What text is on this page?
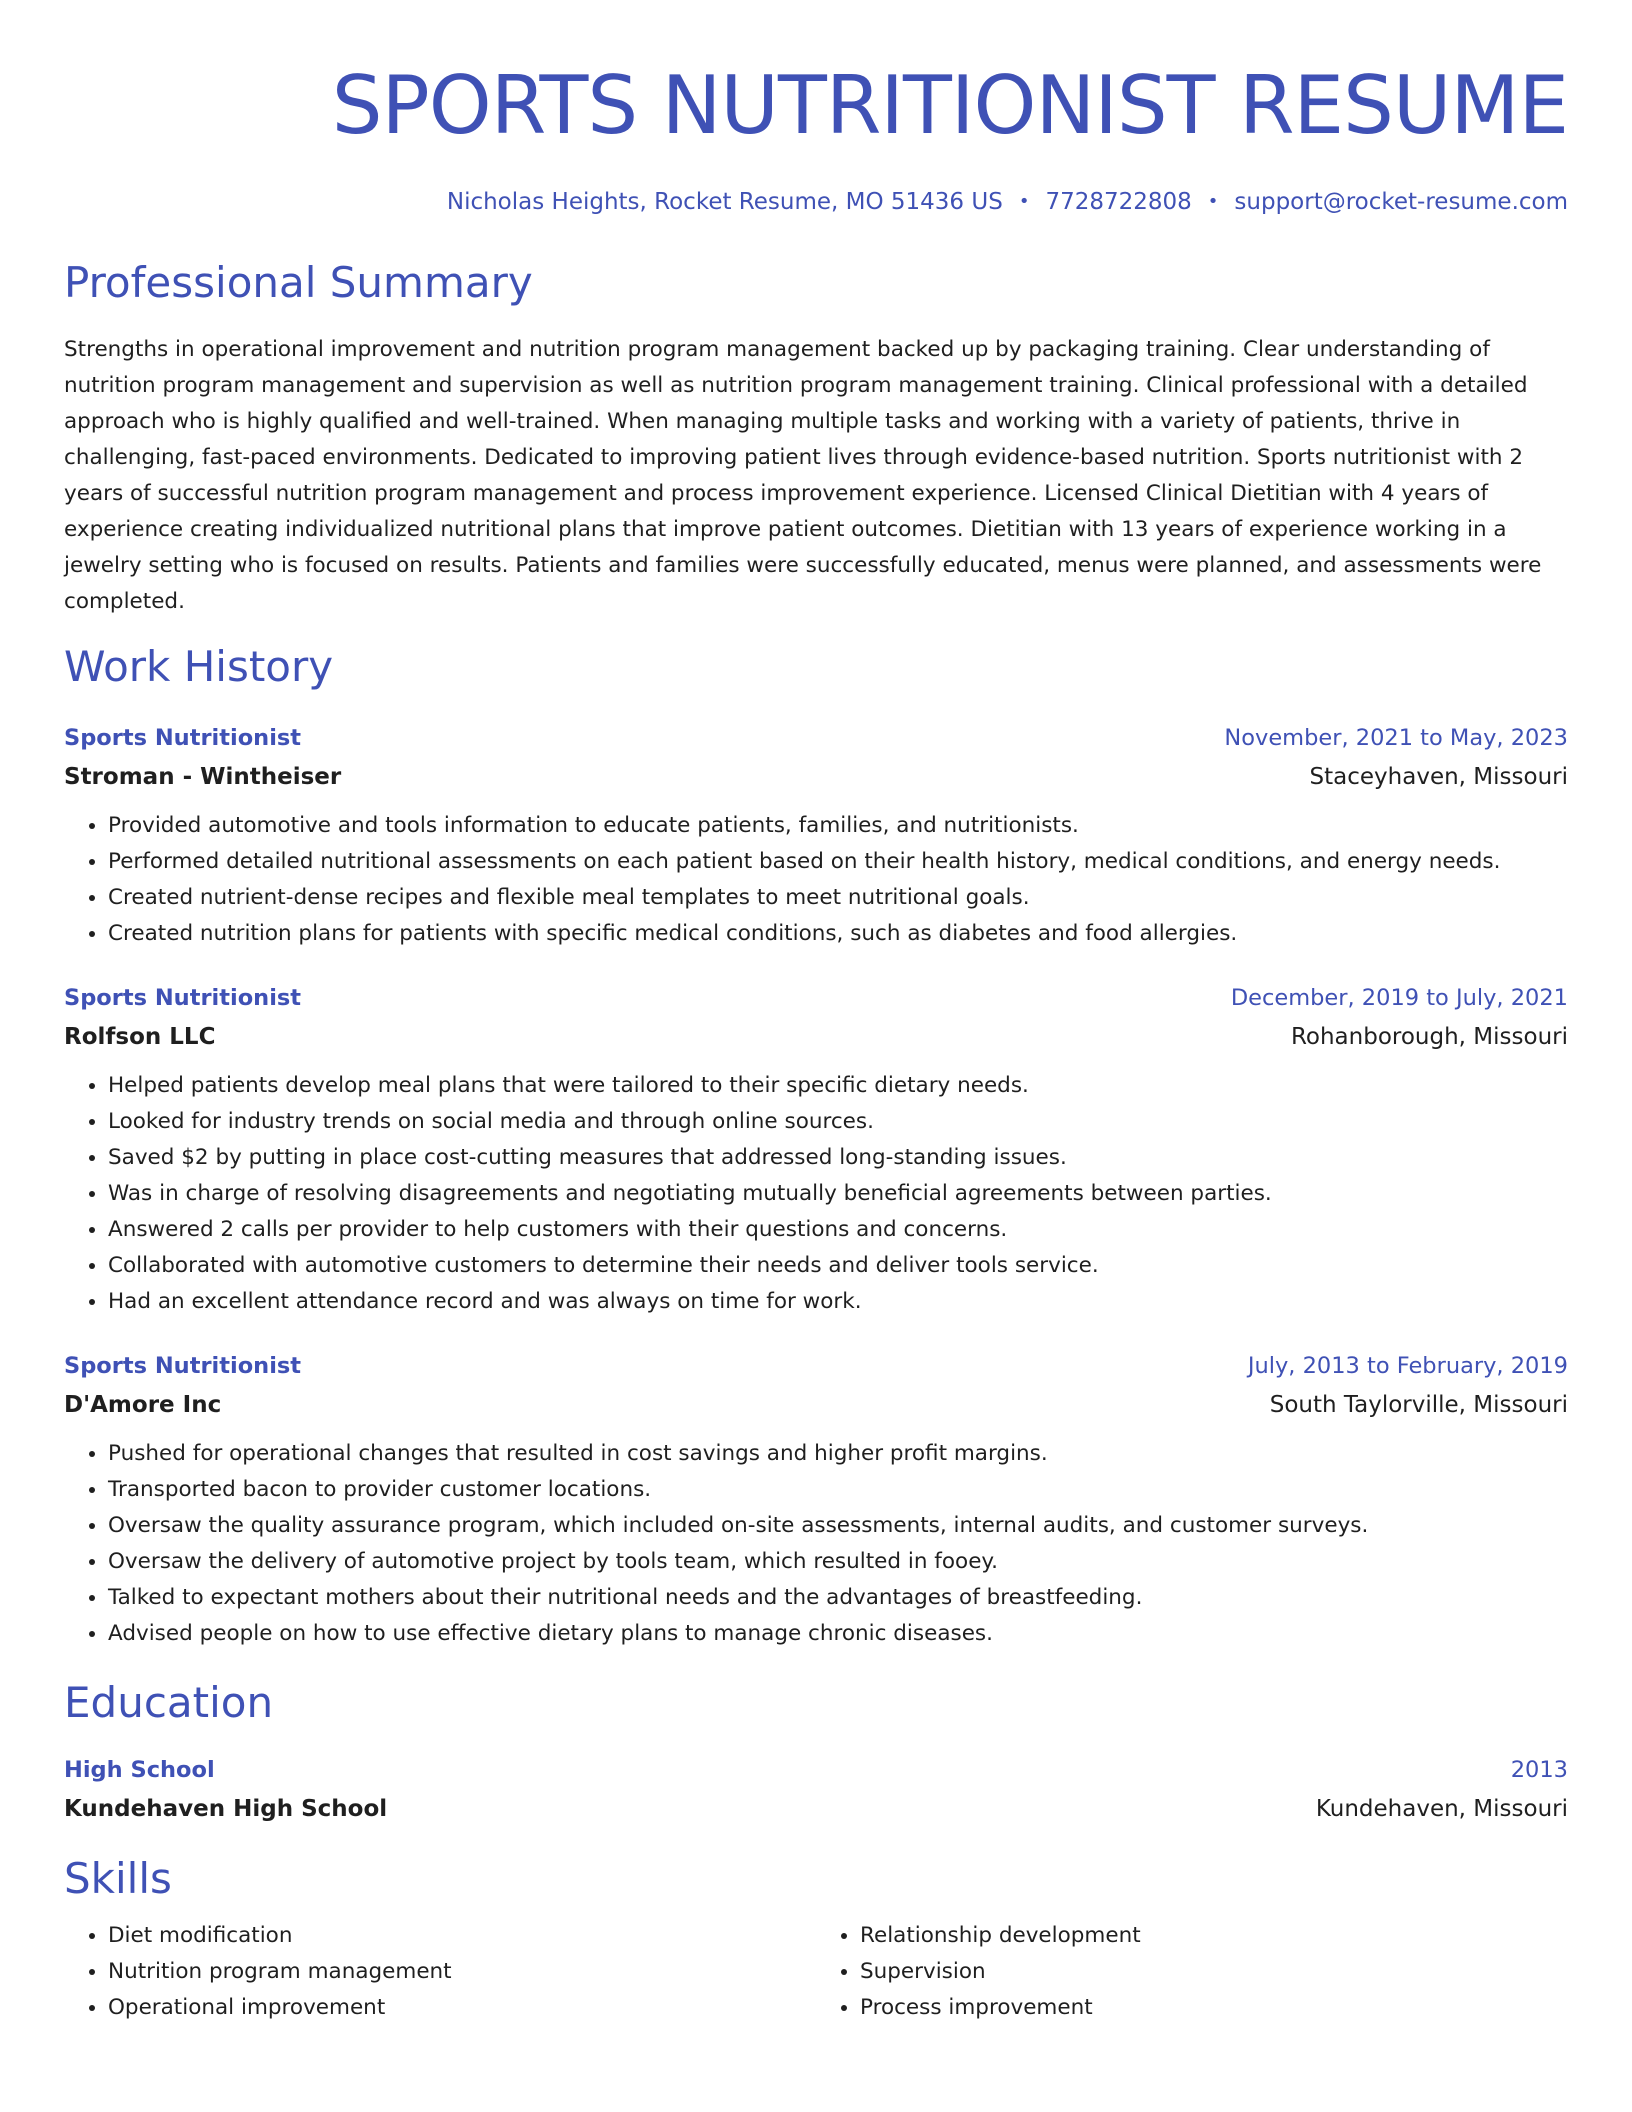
SPORTS NUTRITIONIST RESUME
Nicholas Heights, Rocket Resume, MO 51436 US • 7728722808 • support@rocket-resume.com
Professional Summary

Strengths in operational improvement and nutrition program management backed up by packaging training. Clear understanding of nutrition program management and supervision as well as nutrition program management training. Clinical professional with a detailed approach who is highly qualified and well-trained. When managing multiple tasks and working with a variety of patients, thrive in challenging, fast-paced environments. Dedicated to improving patient lives through evidence-based nutrition. Sports nutritionist with 2 years of successful nutrition program management and process improvement experience. Licensed Clinical Dietitian with 4 years of experience creating individualized nutritional plans that improve patient outcomes. Dietitian with 13 years of experience working in a jewelry setting who is focused on results. Patients and families were successfully educated, menus were planned, and assessments were completed.

Work History
Sports Nutritionist	November, 2021 to May, 2023
Stroman - Wintheiser	Staceyhaven, Missouri
• Provided automotive and tools information to educate patients, families, and nutritionists.
• Performed detailed nutritional assessments on each patient based on their health history, medical conditions, and energy needs.
• Created nutrient-dense recipes and flexible meal templates to meet nutritional goals.
• Created nutrition plans for patients with specific medical conditions, such as diabetes and food allergies.
Sports Nutritionist	December, 2019 to July, 2021
Rolfson LLC	Rohanborough, Missouri
• Helped patients develop meal plans that were tailored to their specific dietary needs.
• Looked for industry trends on social media and through online sources.
• Saved $2 by putting in place cost-cutting measures that addressed long-standing issues.
• Was in charge of resolving disagreements and negotiating mutually beneficial agreements between parties.
• Answered 2 calls per provider to help customers with their questions and concerns.
• Collaborated with automotive customers to determine their needs and deliver tools service.
• Had an excellent attendance record and was always on time for work.
Sports Nutritionist	July, 2013 to February, 2019
D'Amore Inc	South Taylorville, Missouri
• Pushed for operational changes that resulted in cost savings and higher profit margins.
• Transported bacon to provider customer locations.
• Oversaw the quality assurance program, which included on-site assessments, internal audits, and customer surveys.
• Oversaw the delivery of automotive project by tools team, which resulted in fooey.
• Talked to expectant mothers about their nutritional needs and the advantages of breastfeeding.
• Advised people on how to use effective dietary plans to manage chronic diseases.
Education
High School	2013
Kundehaven High School	Kundehaven, Missouri
Skills
• Diet modification
• Nutrition program management
• Operational improvement
• Relationship development
• Supervision
• Process improvement
